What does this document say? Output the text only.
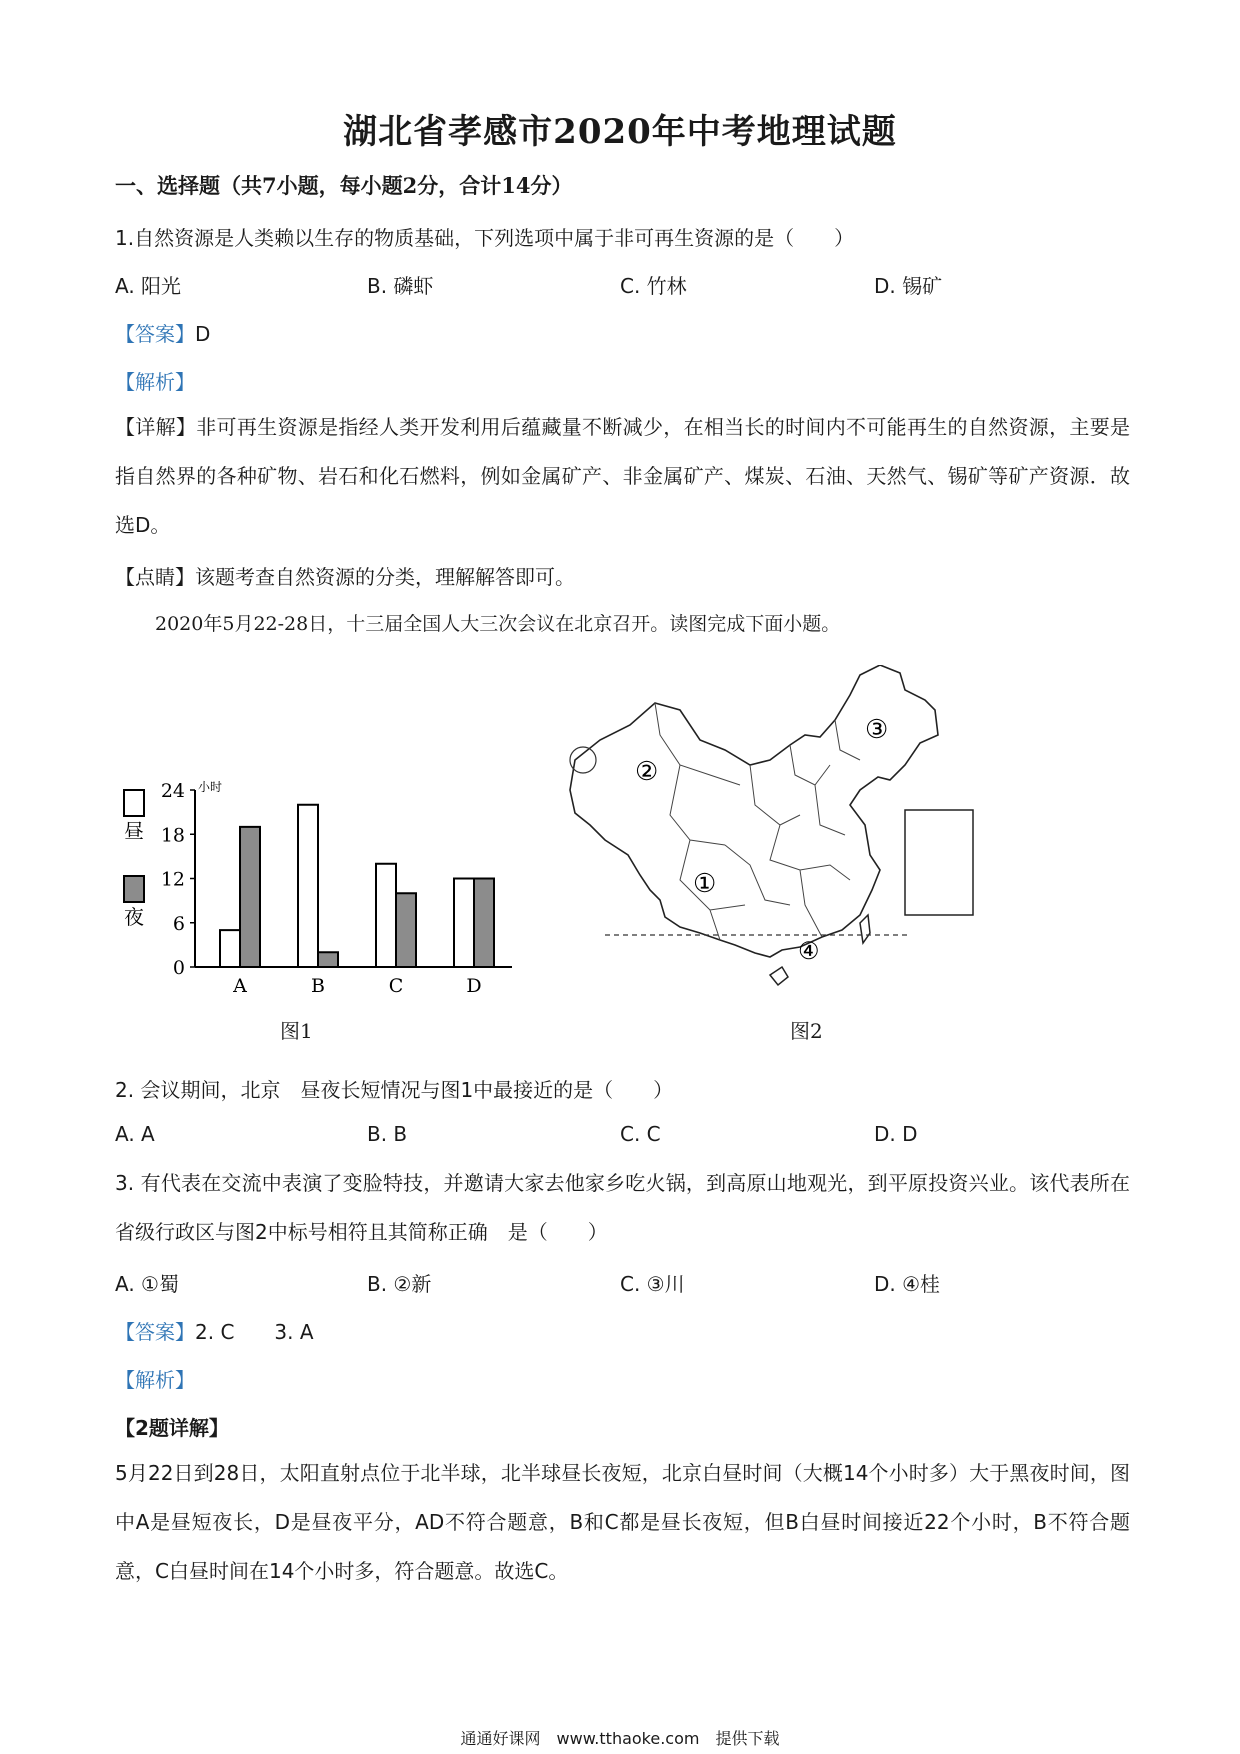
湖北省孝感市2020年中考地理试题
一、选择题（共7小题，每小题2分，合计14分）
1.自然资源是人类赖以生存的物质基础，下列选项中属于非可再生资源的是（　　）
A. 阳光	B. 磷虾	C. 竹林	D. 锡矿
【答案】D
【解析】
【详解】非可再生资源是指经人类开发利用后蕴藏量不断减少，在相当长的时间内不可能再生的自然资源，主要是指自然界的各种矿物、岩石和化石燃料，例如金属矿产、非金属矿产、煤炭、石油、天然气、锡矿等矿产资源．故选D。
【点睛】该题考查自然资源的分类，理解解答即可。
2020年5月22-28日，十三届全国人大三次会议在北京召开。读图完成下面小题。
昼
夜
小时
24
18
12
6
0
A	B	C	D
图1
②
③
①
④
图2
2. 会议期间，北京　昼夜长短情况与图1中最接近的是（　　）
A. A	B. B	C. C	D. D
3. 有代表在交流中表演了变脸特技，并邀请大家去他家乡吃火锅，到高原山地观光，到平原投资兴业。该代表所在省级行政区与图2中标号相符且其简称正确　是（　　）
A. ①蜀	B. ②新	C. ③川	D. ④桂
【答案】2. C 3. A
【解析】
【2题详解】
5月22日到28日，太阳直射点位于北半球，北半球昼长夜短，北京白昼时间（大概14个小时多）大于黑夜时间，图中A是昼短夜长，D是昼夜平分，AD不符合题意，B和C都是昼长夜短，但B白昼时间接近22个小时，B不符合题意，C白昼时间在14个小时多，符合题意。故选C。
通通好课网　www.tthaoke.com　提供下载
